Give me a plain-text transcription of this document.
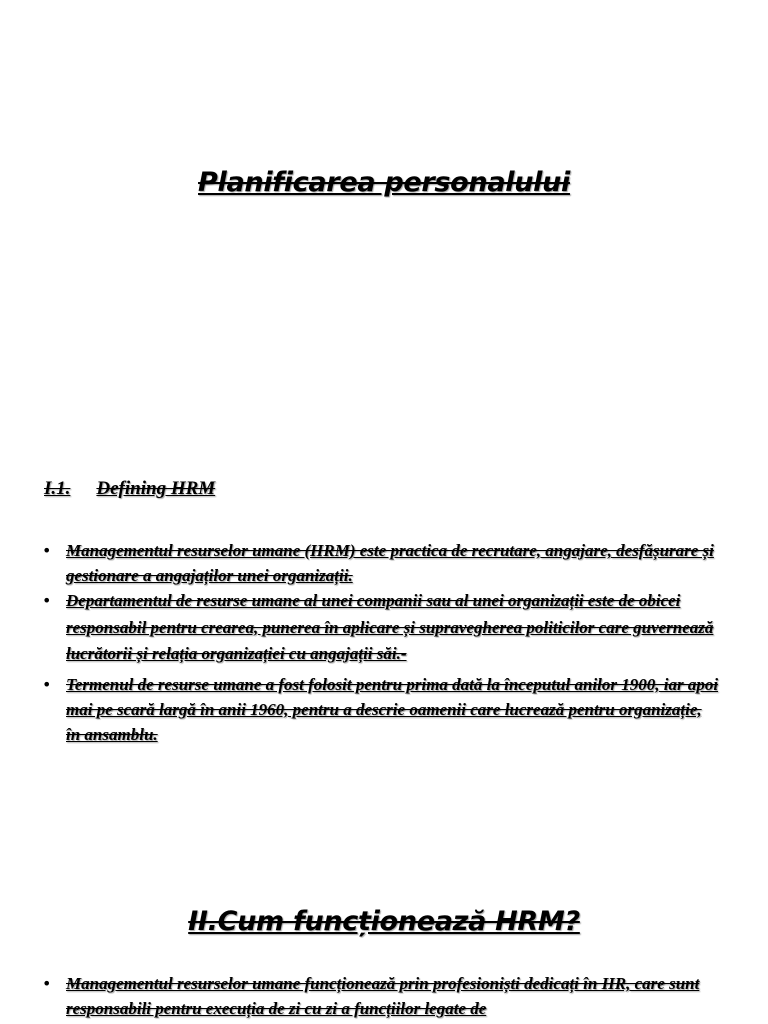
Planificarea personalului
I.1. Defining HRM
• Managementul resurselor umane (HRM) este practica de recrutare, angajare, desfășurare și gestionare a angajaților unei organizații.
• Departamentul de resurse umane al unei companii sau al unei organizații este de obicei responsabil pentru crearea, punerea în aplicare și supravegherea politicilor care guvernează lucrătorii și relația organizației cu angajații săi.-
• Termenul de resurse umane a fost folosit pentru prima dată la începutul anilor 1900, iar apoi mai pe scară largă în anii 1960, pentru a descrie oamenii care lucrează pentru organizație, în ansamblu.
II.Cum funcționează HRM?
• Managementul resurselor umane funcționează prin profesioniști dedicați în HR, care sunt responsabili pentru execuția de zi cu zi a funcțiilor legate de
